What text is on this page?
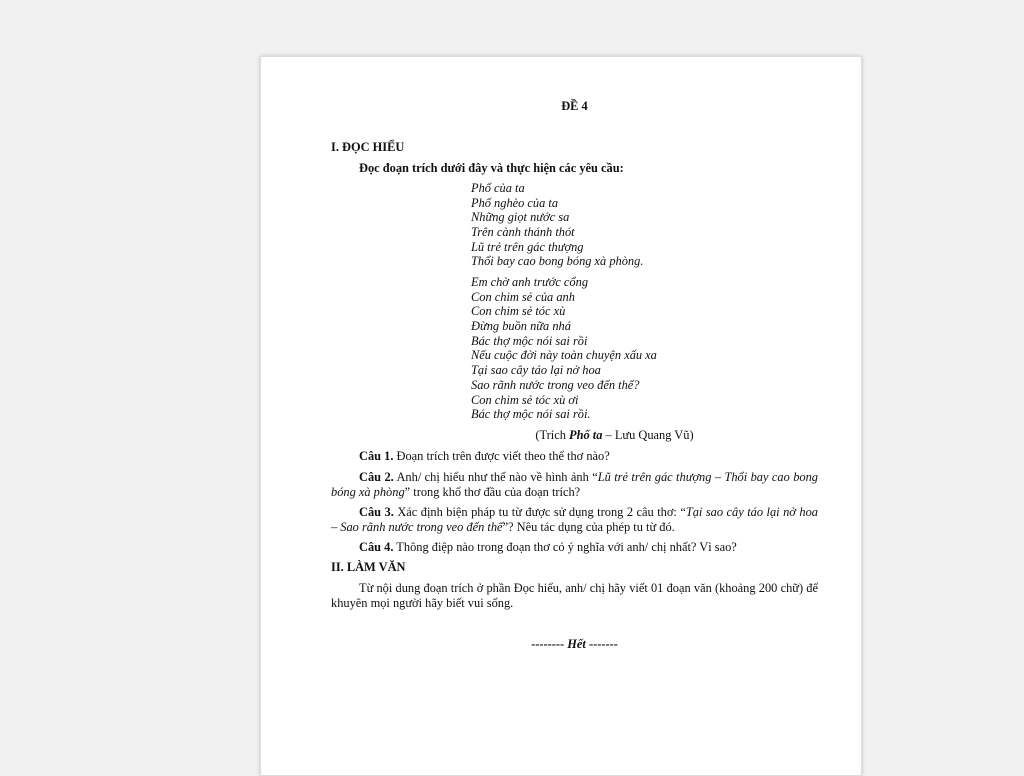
ĐỀ 4
I. ĐỌC HIỂU
Đọc đoạn trích dưới đây và thực hiện các yêu cầu:
Phố của ta
Phố nghèo của ta
Những giọt nước sa
Trên cành thánh thót
Lũ trẻ trên gác thượng
Thổi bay cao bong bóng xà phòng.
Em chờ anh trước cổng
Con chim sẻ của anh
Con chim sẻ tóc xù
Đừng buồn nữa nhá
Bác thợ mộc nói sai rồi
Nếu cuộc đời này toàn chuyện xấu xa
Tại sao cây táo lại nở hoa
Sao rãnh nước trong veo đến thế?
Con chim sẻ tóc xù ơi
Bác thợ mộc nói sai rồi.
(Trích Phố ta – Lưu Quang Vũ)
Câu 1. Đoạn trích trên được viết theo thể thơ nào?
Câu 2. Anh/ chị hiểu như thế nào về hình ảnh “Lũ trẻ trên gác thượng – Thổi bay cao bong bóng xà phòng” trong khổ thơ đầu của đoạn trích?
Câu 3. Xác định biện pháp tu từ được sử dụng trong 2 câu thơ: “Tại sao cây táo lại nở hoa – Sao rãnh nước trong veo đến thế”? Nêu tác dụng của phép tu từ đó.
Câu 4. Thông điệp nào trong đoạn thơ có ý nghĩa với anh/ chị nhất? Vì sao?
II. LÀM VĂN
Từ nội dung đoạn trích ở phần Đọc hiểu, anh/ chị hãy viết 01 đoạn văn (khoảng 200 chữ) để khuyên mọi người hãy biết vui sống.
-------- Hết -------
